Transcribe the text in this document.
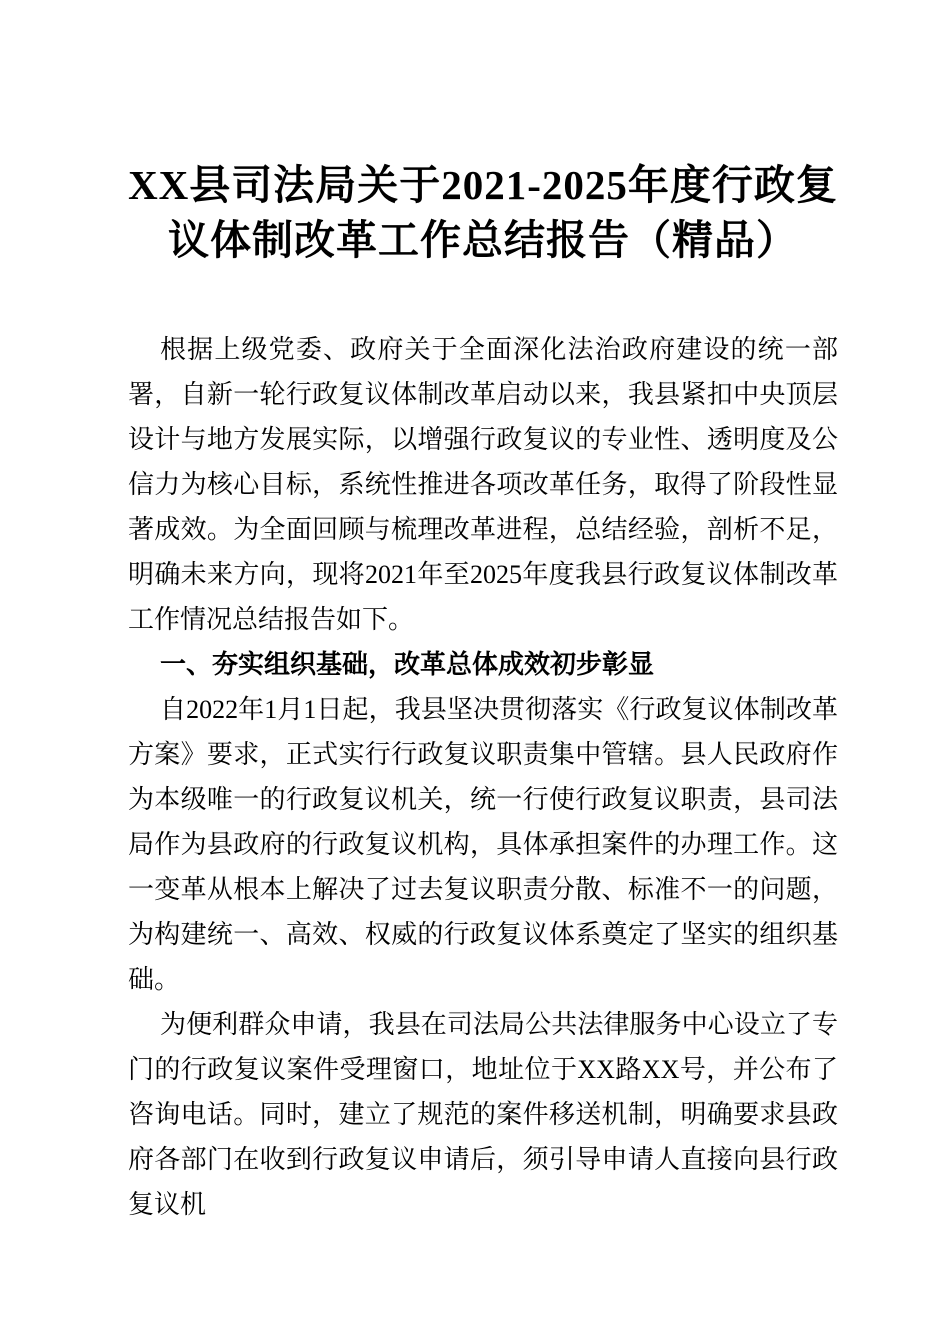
XX县司法局关于2021-2025年度行政复议体制改革工作总结报告（精品）

根据上级党委、政府关于全面深化法治政府建设的统一部署，自新一轮行政复议体制改革启动以来，我县紧扣中央顶层设计与地方发展实际，以增强行政复议的专业性、透明度及公信力为核心目标，系统性推进各项改革任务，取得了阶段性显著成效。为全面回顾与梳理改革进程，总结经验，剖析不足，明确未来方向，现将2021年至2025年度我县行政复议体制改革工作情况总结报告如下。

一、夯实组织基础，改革总体成效初步彰显

自2022年1月1日起，我县坚决贯彻落实《行政复议体制改革方案》要求，正式实行行政复议职责集中管辖。县人民政府作为本级唯一的行政复议机关，统一行使行政复议职责，县司法局作为县政府的行政复议机构，具体承担案件的办理工作。这一变革从根本上解决了过去复议职责分散、标准不一的问题，为构建统一、高效、权威的行政复议体系奠定了坚实的组织基础。

为便利群众申请，我县在司法局公共法律服务中心设立了专门的行政复议案件受理窗口，地址位于XX路XX号，并公布了咨询电话。同时，建立了规范的案件移送机制，明确要求县政府各部门在收到行政复议申请后，须引导申请人直接向县行政复议机
